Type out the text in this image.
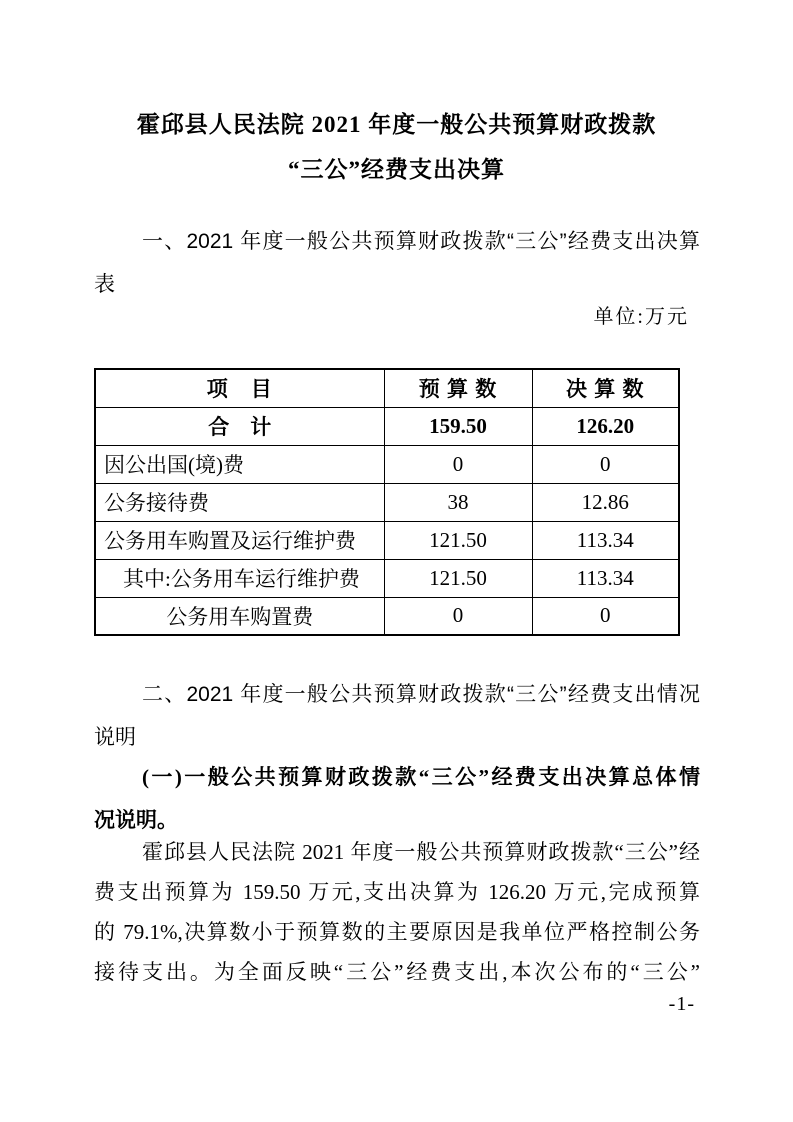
霍邱县人民法院 2021 年度一般公共预算财政拨款
“三公”经费支出决算
一、2021 年度一般公共预算财政拨款“三公”经费支出决算
表
单位:万元
项　目	预 算 数	决 算 数
合　计	159.50	126.20
因公出国(境)费	0	0
公务接待费	38	12.86
公务用车购置及运行维护费	121.50	113.34
其中:公务用车运行维护费	121.50	113.34
公务用车购置费	0	0
二、2021 年度一般公共预算财政拨款“三公”经费支出情况
说明
(一)一般公共预算财政拨款“三公”经费支出决算总体情
况说明。
霍邱县人民法院 2021 年度一般公共预算财政拨款“三公”经
费支出预算为 159.50 万元,支出决算为 126.20 万元,完成预算
的 79.1%,决算数小于预算数的主要原因是我单位严格控制公务
接待支出。为全面反映“三公”经费支出,本次公布的“三公”
-1-
